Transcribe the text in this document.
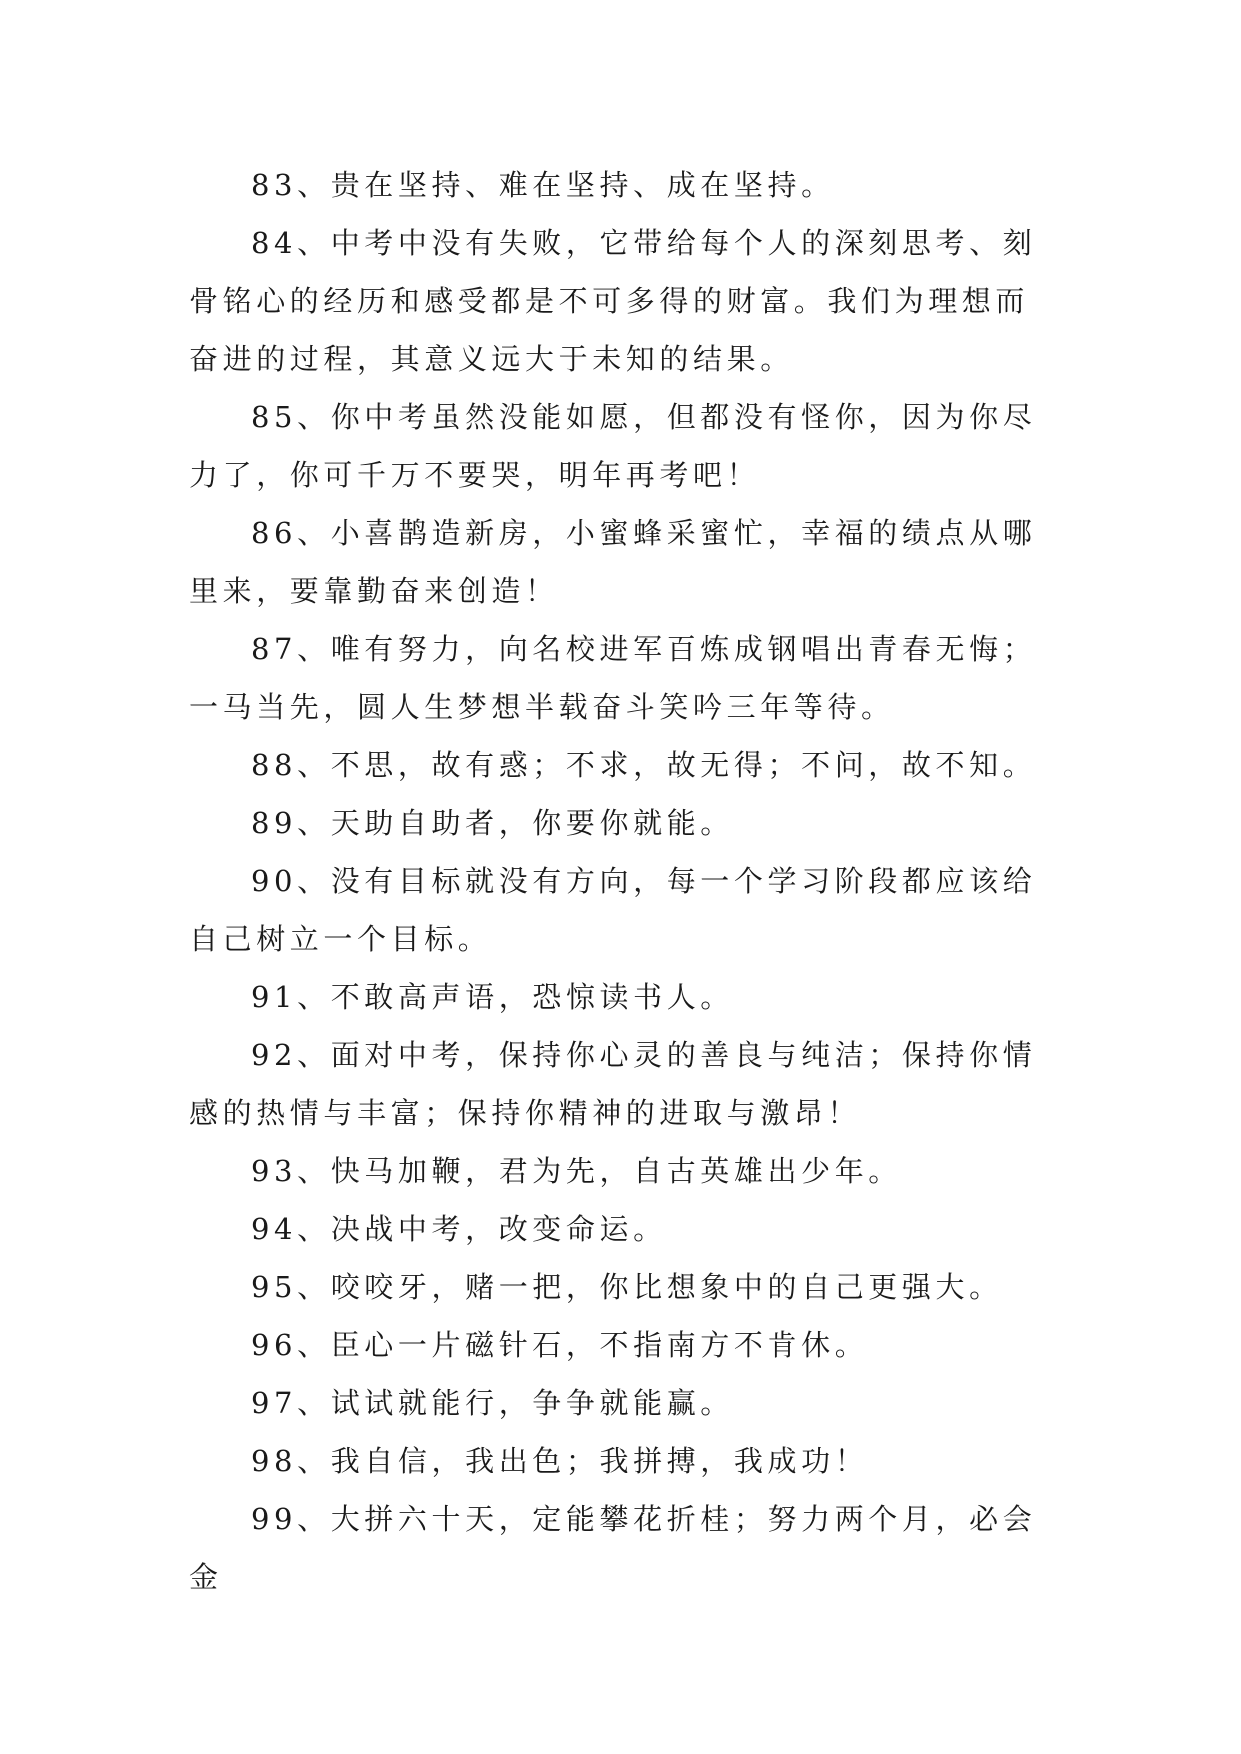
83、贵在坚持、难在坚持、成在坚持。

84、中考中没有失败，它带给每个人的深刻思考、刻骨铭心的经历和感受都是不可多得的财富。我们为理想而奋进的过程，其意义远大于未知的结果。

85、你中考虽然没能如愿，但都没有怪你，因为你尽力了，你可千万不要哭，明年再考吧！

86、小喜鹊造新房，小蜜蜂采蜜忙，幸福的绩点从哪里来，要靠勤奋来创造！

87、唯有努力，向名校进军百炼成钢唱出青春无悔；一马当先，圆人生梦想半载奋斗笑吟三年等待。

88、不思，故有惑；不求，故无得；不问，故不知。

89、天助自助者，你要你就能。

90、没有目标就没有方向，每一个学习阶段都应该给自己树立一个目标。

91、不敢高声语，恐惊读书人。

92、面对中考，保持你心灵的善良与纯洁；保持你情感的热情与丰富；保持你精神的进取与激昂！

93、快马加鞭，君为先，自古英雄出少年。

94、决战中考，改变命运。

95、咬咬牙，赌一把，你比想象中的自己更强大。

96、臣心一片磁针石，不指南方不肯休。

97、试试就能行，争争就能赢。

98、我自信，我出色；我拼搏，我成功！

99、大拼六十天，定能攀花折桂；努力两个月，必会金
